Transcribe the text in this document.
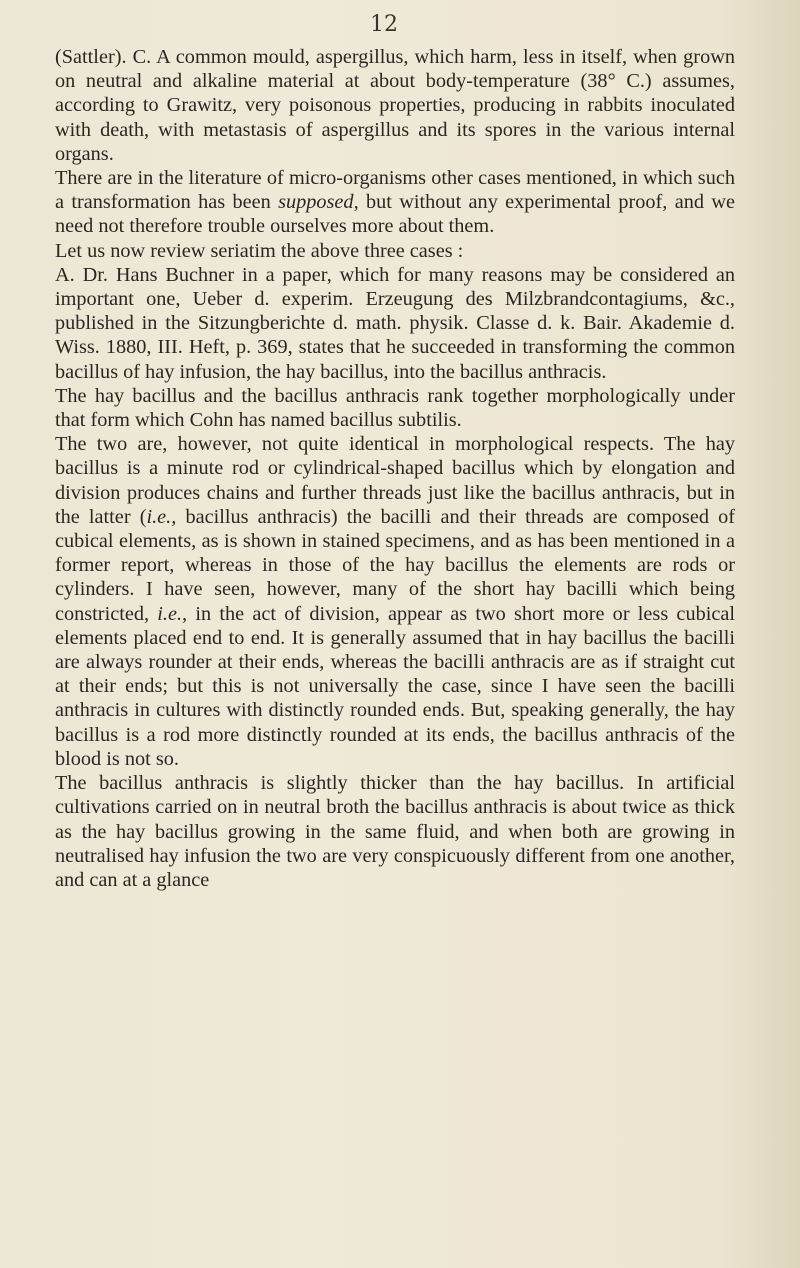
12

(Sattler). C. A common mould, aspergillus, which harm, less in itself, when grown on neutral and alkaline material at about body-temperature (38° C.) assumes, according to Grawitz, very poisonous properties, producing in rabbits inoculated with death, with metastasis of aspergillus and its spores in the various internal organs.

There are in the literature of micro-organisms other cases mentioned, in which such a transformation has been supposed, but without any experimental proof, and we need not therefore trouble ourselves more about them.

Let us now review seriatim the above three cases :

A. Dr. Hans Buchner in a paper, which for many reasons may be considered an important one, Ueber d. experim. Erzeugung des Milzbrandcontagiums, &c., published in the Sitzungberichte d. math. physik. Classe d. k. Bair. Akademie d. Wiss. 1880, III. Heft, p. 369, states that he succeeded in transforming the common bacillus of hay infusion, the hay bacillus, into the bacillus anthracis.

The hay bacillus and the bacillus anthracis rank together morphologically under that form which Cohn has named bacillus subtilis.

The two are, however, not quite identical in morphological respects. The hay bacillus is a minute rod or cylindrical-shaped bacillus which by elongation and division produces chains and further threads just like the bacillus anthracis, but in the latter (i.e., bacillus anthracis) the bacilli and their threads are composed of cubical elements, as is shown in stained specimens, and as has been mentioned in a former report, whereas in those of the hay bacillus the elements are rods or cylinders. I have seen, however, many of the short hay bacilli which being constricted, i.e., in the act of division, appear as two short more or less cubical elements placed end to end. It is generally assumed that in hay bacillus the bacilli are always rounder at their ends, whereas the bacilli anthracis are as if straight cut at their ends; but this is not universally the case, since I have seen the bacilli anthracis in cultures with distinctly rounded ends. But, speaking generally, the hay bacillus is a rod more distinctly rounded at its ends, the bacillus anthracis of the blood is not so.

The bacillus anthracis is slightly thicker than the hay bacillus. In artificial cultivations carried on in neutral broth the bacillus anthracis is about twice as thick as the hay bacillus growing in the same fluid, and when both are growing in neutralised hay infusion the two are very conspicuously different from one another, and can at a glance
